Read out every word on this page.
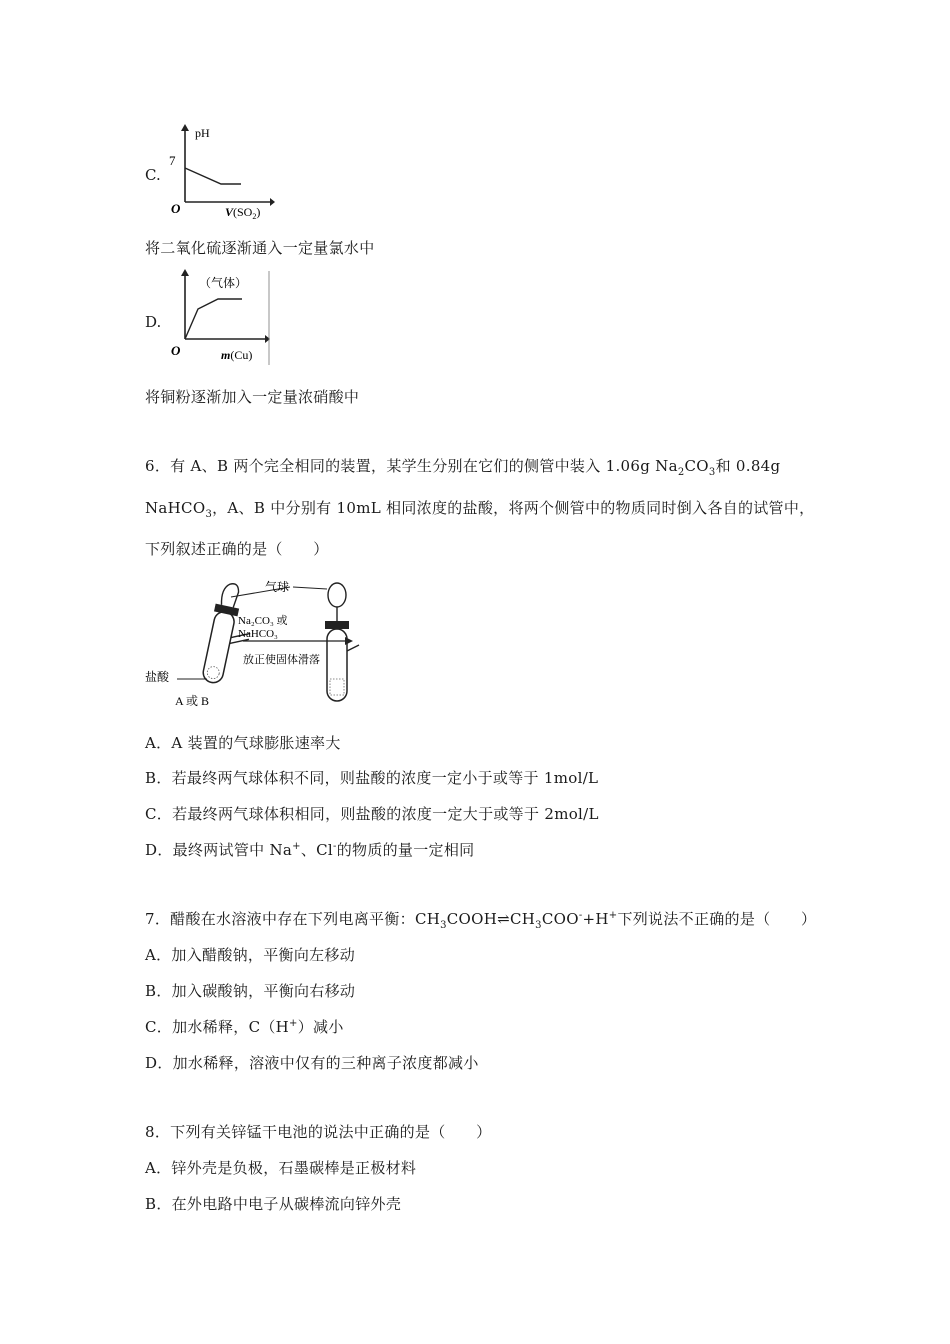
C.
pH
7
O	$V(SO_2)$
将二氧化硫逐渐通入一定量氯水中
D.
（气体）
O	m(Cu)
将铜粉逐渐加入一定量浓硝酸中
6．有 A、B 两个完全相同的装置，某学生分别在它们的侧管中装入 1.06g $Na_2CO_3$和 0.84g
NaHCO$_3$，A、B 中分别有 10mL 相同浓度的盐酸，将两个侧管中的物质同时倒入各自的试管中，
下列叙述正确的是（　　）
气球
Na₂CO₃ 或
NaHCO₃
盐酸
放正使固体滑落
A 或 B
A．A 装置的气球膨胀速率大
B．若最终两气球体积不同，则盐酸的浓度一定小于或等于 1mol/L
C．若最终两气球体积相同，则盐酸的浓度一定大于或等于 2mol/L
D．最终两试管中 Na+、Cl-的物质的量一定相同
7．醋酸在水溶液中存在下列电离平衡：$CH_3COOH\rightleftharpoons CH_3COO^-+H^+$下列说法不正确的是（　　）
A．加入醋酸钠，平衡向左移动
B．加入碳酸钠，平衡向右移动
C．加水稀释，C（H+）减小
D．加水稀释，溶液中仅有的三种离子浓度都减小
8．下列有关锌锰干电池的说法中正确的是（　　）
A．锌外壳是负极，石墨碳棒是正极材料
B．在外电路中电子从碳棒流向锌外壳
